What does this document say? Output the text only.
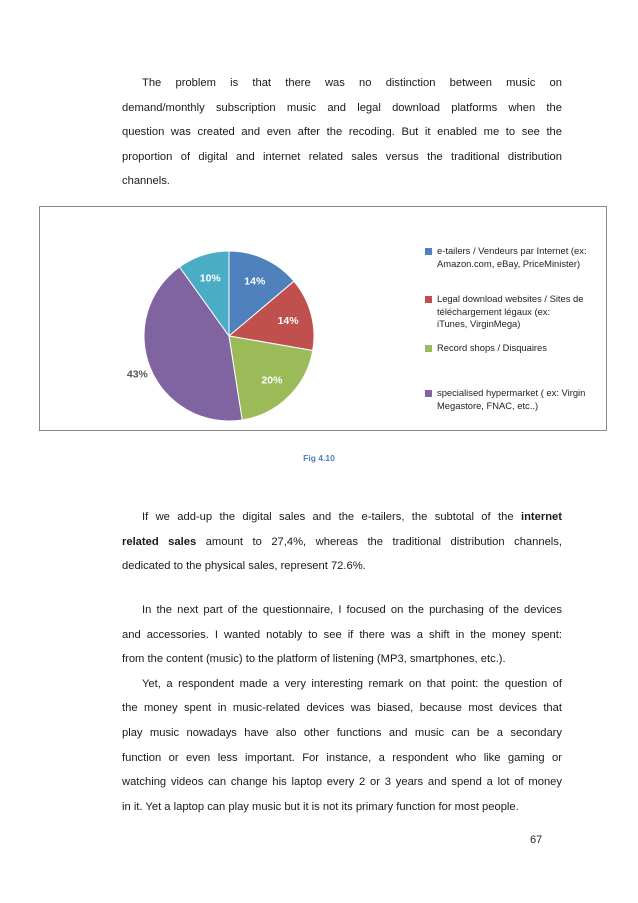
The problem is that there was no distinction between music on
demand/monthly subscription music and legal download platforms when the
question was created and even after the recoding. But it enabled me to see the
proportion of digital and internet related sales versus the traditional distribution
channels.
14%
14%
20%
43%
10%
e-tailers / Vendeurs par Internet (ex:
Amazon.com, eBay, PriceMinister)
Legal download websites / Sites de
téléchargement légaux (ex:
iTunes, VirginMega)
Record shops / Disquaires
specialised hypermarket ( ex: Virgin
Megastore, FNAC, etc..)
Fig 4.10
If we add-up the digital sales and the e-tailers, the subtotal of the internet
related sales amount to 27,4%, whereas the traditional distribution channels,
dedicated to the physical sales, represent 72.6%.
In the next part of the questionnaire, I focused on the purchasing of the devices
and accessories. I wanted notably to see if there was a shift in the money spent:
from the content (music) to the platform of listening (MP3, smartphones, etc.).
Yet, a respondent made a very interesting remark on that point: the question of
the money spent in music-related devices was biased, because most devices that
play music nowadays have also other functions and music can be a secondary
function or even less important. For instance, a respondent who like gaming or
watching videos can change his laptop every 2 or 3 years and spend a lot of money
in it. Yet a laptop can play music but it is not its primary function for most people.
67
